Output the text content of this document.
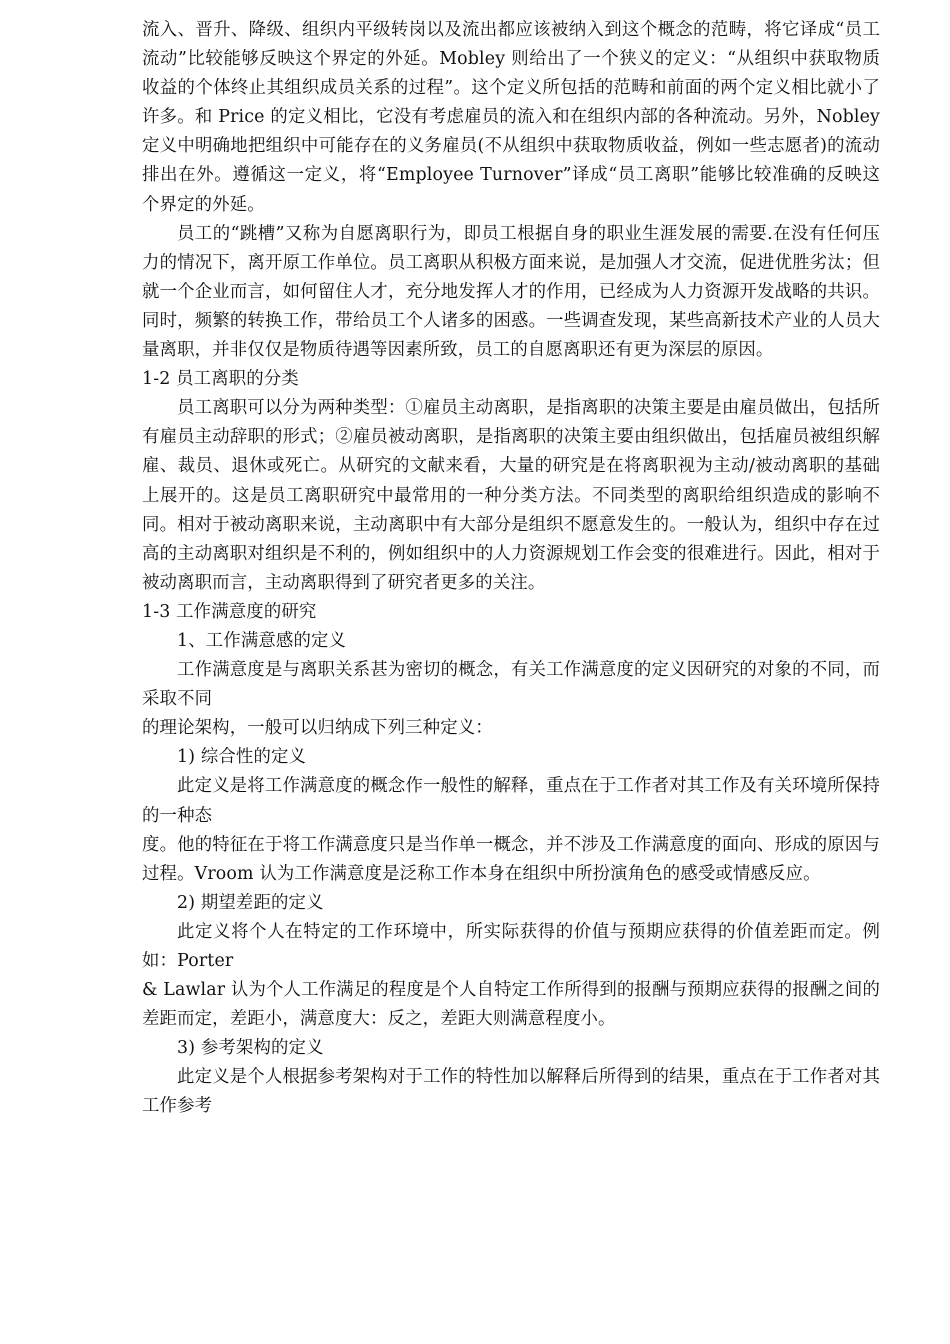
流入、晋升、降级、组织内平级转岗以及流出都应该被纳入到这个概念的范畴，将它译成“员工流动”比较能够反映这个界定的外延。Mobley 则给出了一个狭义的定义：“从组织中获取物质收益的个体终止其组织成员关系的过程”。这个定义所包括的范畴和前面的两个定义相比就小了许多。和 Price 的定义相比，它没有考虑雇员的流入和在组织内部的各种流动。另外，Nobley 定义中明确地把组织中可能存在的义务雇员(不从组织中获取物质收益，例如一些志愿者)的流动排出在外。遵循这一定义，将“Employee Turnover”译成“员工离职”能够比较准确的反映这个界定的外延。

员工的“跳槽”又称为自愿离职行为，即员工根据自身的职业生涯发展的需要.在没有任何压力的情况下，离开原工作单位。员工离职从积极方面来说，是加强人才交流，促进优胜劣汰；但就一个企业而言，如何留住人才，充分地发挥人才的作用，已经成为人力资源开发战略的共识。同时，频繁的转换工作，带给员工个人诸多的困惑。一些调查发现，某些高新技术产业的人员大量离职，并非仅仅是物质待遇等因素所致，员工的自愿离职还有更为深层的原因。

1-2 员工离职的分类

员工离职可以分为两种类型：①雇员主动离职，是指离职的决策主要是由雇员做出，包括所有雇员主动辞职的形式；②雇员被动离职，是指离职的决策主要由组织做出，包括雇员被组织解雇、裁员、退休或死亡。从研究的文献来看，大量的研究是在将离职视为主动/被动离职的基础上展开的。这是员工离职研究中最常用的一种分类方法。不同类型的离职给组织造成的影响不同。相对于被动离职来说，主动离职中有大部分是组织不愿意发生的。一般认为，组织中存在过高的主动离职对组织是不利的，例如组织中的人力资源规划工作会变的很难进行。因此，相对于被动离职而言，主动离职得到了研究者更多的关注。

1-3 工作满意度的研究

1、工作满意感的定义

工作满意度是与离职关系甚为密切的概念，有关工作满意度的定义因研究的对象的不同，而采取不同

的理论架构，一般可以归纳成下列三种定义：

1) 综合性的定义

此定义是将工作满意度的概念作一般性的解释，重点在于工作者对其工作及有关环境所保持的一种态

度。他的特征在于将工作满意度只是当作单一概念，并不涉及工作满意度的面向、形成的原因与过程。Vroom 认为工作满意度是泛称工作本身在组织中所扮演角色的感受或情感反应。

2) 期望差距的定义

此定义将个人在特定的工作环境中，所实际获得的价值与预期应获得的价值差距而定。例如：Porter

& Lawlar 认为个人工作满足的程度是个人自特定工作所得到的报酬与预期应获得的报酬之间的差距而定，差距小，满意度大：反之，差距大则满意程度小。

3) 参考架构的定义

此定义是个人根据参考架构对于工作的特性加以解释后所得到的结果，重点在于工作者对其工作参考
